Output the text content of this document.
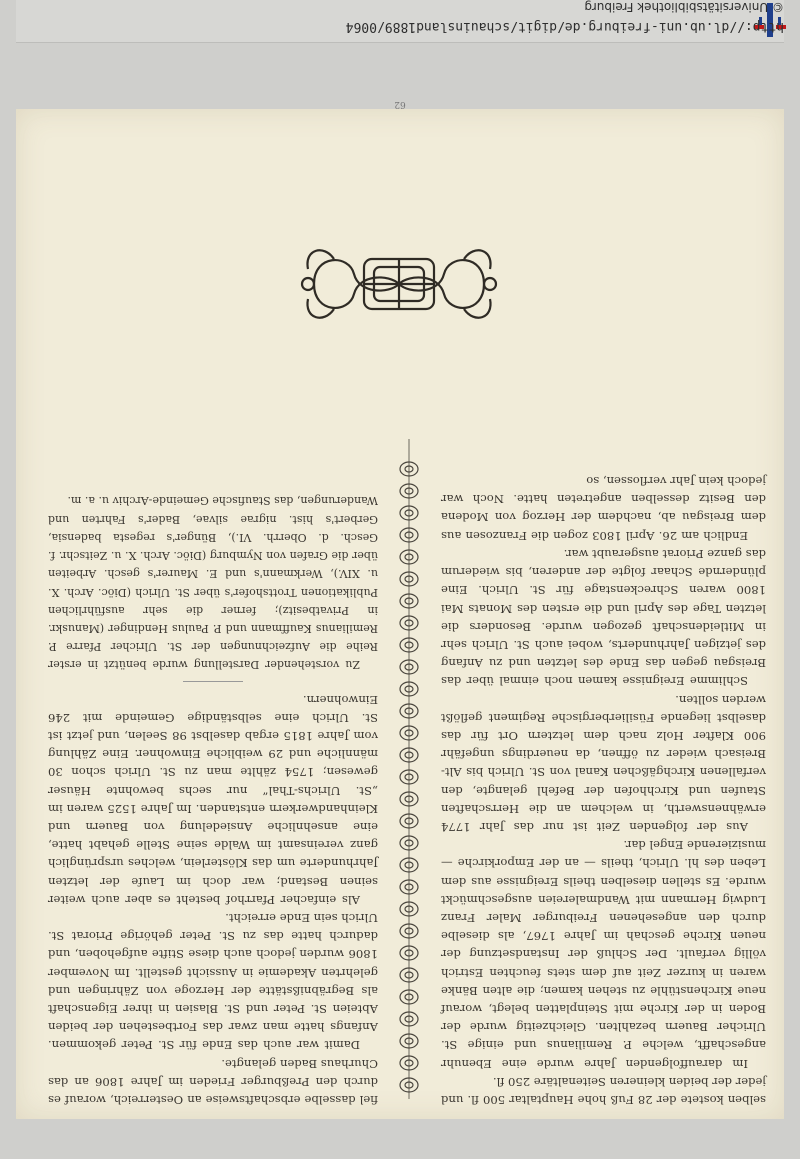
selben kostete der 28 Fuß hohe Hauptaltar 500 fl. und jeder der beiden kleineren Seitenaltäre 250 fl.

Im darauffolgenden Jahre wurde eine Ebenuhr angeschafft, welche P. Remilianus und einige St. Ulricher Bauern bezahlten. Gleichzeitig wurde der Boden in der Kirche mit Steinplatten belegt, worauf neue Kirchenstühle zu stehen kamen; die alten Bänke waren in kurzer Zeit auf dem stets feuchten Estrich völlig verfault. Der Schluß der Instandsetzung der neuen Kirche geschah im Jahre 1767, als dieselbe durch den angesehenen Freiburger Maler Franz Ludwig Hermann mit Wandmalereien ausgeschmückt wurde. Es stellen dieselben theils Ereignisse aus dem Leben des hl. Ulrich, theils — an der Emporkirche — musizierende Engel dar.

Aus der folgenden Zeit ist nur das Jahr 1774 erwähnenswerth, in welchem an die Herrschaften Staufen und Kirchhofen der Befehl gelangte, den verfallenen Kirchgäßchen Kanal von St. Ulrich bis Alt-Breisach wieder zu öffnen, da neuerdings ungefähr 900 Klafter Holz nach dem letztern Ort für das daselbst liegende Füsilierbergische Regiment geflößt werden sollten.

Schlimme Ereignisse kamen noch einmal über das Breisgau gegen das Ende des letzten und zu Anfang des jetzigen Jahrhunderts, wobei auch St. Ulrich sehr in Mitleidenschaft gezogen wurde. Besonders die letzten Tage des April und die ersten des Monats Mai 1800 waren Schreckenstage für St. Ulrich. Eine plündernde Schaar folgte der anderen, bis wiederum das ganze Priorat ausgeraubt war.

Endlich am 26. April 1803 zogen die Franzosen aus dem Breisgau ab, nachdem der Herzog von Modena den Besitz desselben angetreten hatte. Noch war jedoch kein Jahr verflossen, so

fiel dasselbe erbschaftsweise an Oesterreich, worauf es durch den Preßburger Frieden im Jahre 1806 an das Churhaus Baden gelangte.

Damit war auch das Ende für St. Peter gekommen. Anfangs hatte man zwar das Fortbestehen der beiden Abteien St. Peter und St. Blasien in ihrer Eigenschaft als Begräbnißstätte der Herzoge von Zähringen und gelehrten Akademie in Aussicht gestellt. Im November 1806 wurden jedoch auch diese Stifte aufgehoben, und dadurch hatte das zu St. Peter gehörige Priorat St. Ulrich sein Ende erreicht.

Als einfacher Pfarrhof besteht es aber auch weiter seinen Bestand; war doch im Laufe der letzten Jahrhunderte um das Klösterlein, welches ursprünglich ganz vereinsamt im Walde seine Stelle gehabt hatte, eine ansehnliche Ansiedelung von Bauern und Kleinhandwerkern entstanden. Im Jahre 1525 waren im „St. Ulrichs-Thal“ nur sechs bewohnte Häuser gewesen; 1754 zählte man zu St. Ulrich schon 30 männliche und 29 weibliche Einwohner. Eine Zählung vom Jahre 1815 ergab daselbst 98 Seelen, und jetzt ist St. Ulrich eine selbständige Gemeinde mit 246 Einwohnern.

Zu vorstehender Darstellung wurde benützt in erster Reihe die Aufzeichnungen der St. Ulricher Pfarre P. Remilianus Kauffmann und P. Paulus Hendinger (Manuskr. in Privatbesitz); ferner die sehr ausführlichen Publikationen Trottshofer's über St. Ulrich (Diöc. Arch. X. u. XIV.), Werkmann's und E. Maurer's gesch. Arbeiten über die Grafen von Nymburg (Diöc. Arch. X. u. Zeitschr. f. Gesch. d. Oberrh. VI.), Bünger's regesta badensia, Gerbert's hist. nigrae silvae, Bader's Fahrten und Wanderungen, das Staufische Gemeinde-Archiv u. a. m.

62
http://dl.ub.uni-freiburg.de/digit/schauinsland1889/0064
© Universitätsbibliothek Freiburg
